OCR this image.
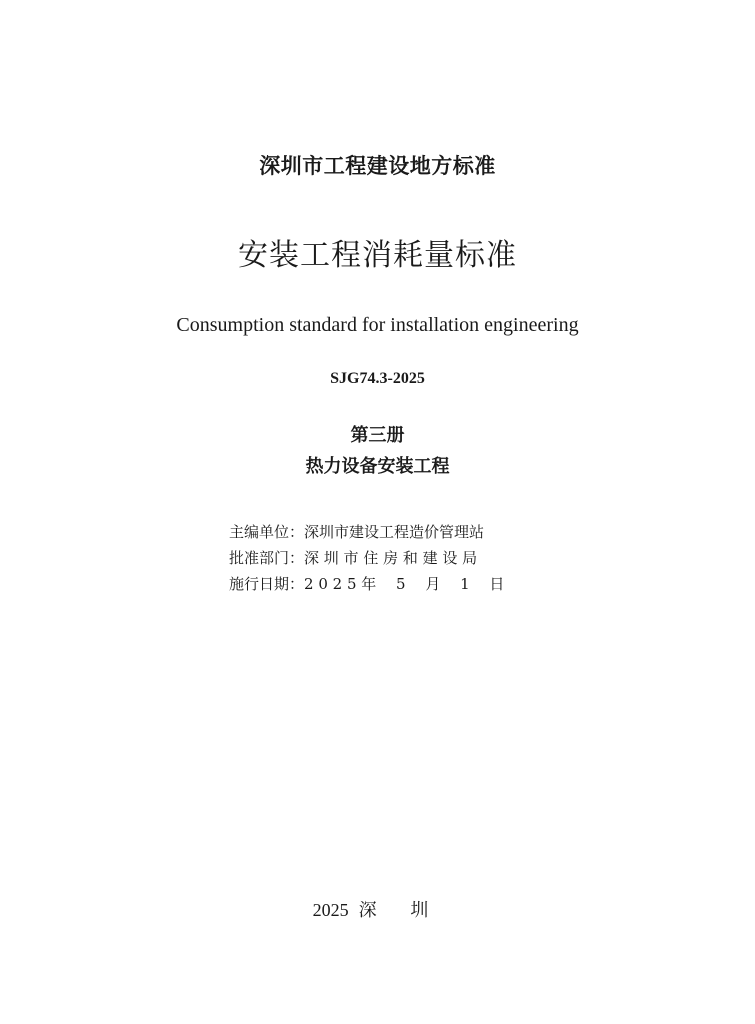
深圳市工程建设地方标准
安装工程消耗量标准
Consumption standard for installation engineering
SJG74.3-2025
第三册
热力设备安装工程
主编单位：深圳市建设工程造价管理站
批准部门：深 圳 市 住 房 和 建 设 局
施行日期：2 0 2 5 年　 5 　月 　1 　日
2025 深 圳
